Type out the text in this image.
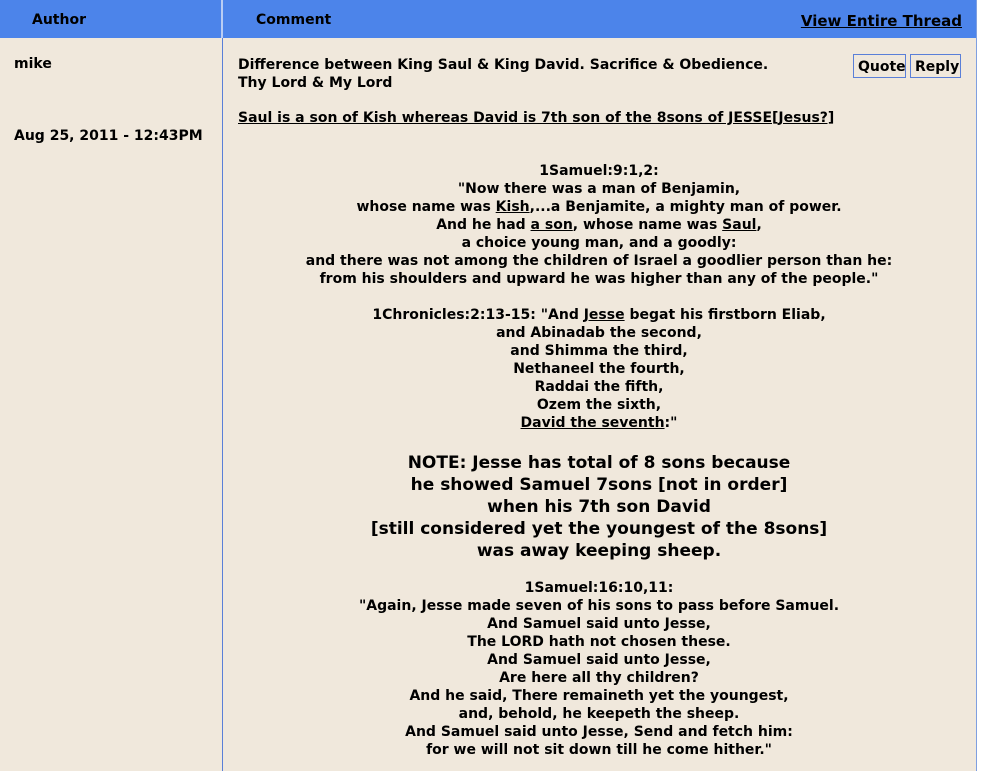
Author	Comment	View Entire Thread
mike
Aug 25, 2011 - 12:43PM
Difference between King Saul & King David. Sacrifice & Obedience.
Thy Lord & My Lord
Quote Reply
Saul is a son of Kish whereas David is 7th son of the 8sons of JESSE[Jesus?]
1Samuel:9:1,2:
"Now there was a man of Benjamin,
whose name was Kish,...a Benjamite, a mighty man of power.
And he had a son, whose name was Saul,
a choice young man, and a goodly:
and there was not among the children of Israel a goodlier person than he:
from his shoulders and upward he was higher than any of the people."
1Chronicles:2:13-15: "And Jesse begat his firstborn Eliab,
and Abinadab the second,
and Shimma the third,
Nethaneel the fourth,
Raddai the fifth,
Ozem the sixth,
David the seventh:"
NOTE: Jesse has total of 8 sons because
he showed Samuel 7sons [not in order]
when his 7th son David
[still considered yet the youngest of the 8sons]
was away keeping sheep.
1Samuel:16:10,11:
"Again, Jesse made seven of his sons to pass before Samuel.
And Samuel said unto Jesse,
The LORD hath not chosen these.
And Samuel said unto Jesse,
Are here all thy children?
And he said, There remaineth yet the youngest,
and, behold, he keepeth the sheep.
And Samuel said unto Jesse, Send and fetch him:
for we will not sit down till he come hither."
